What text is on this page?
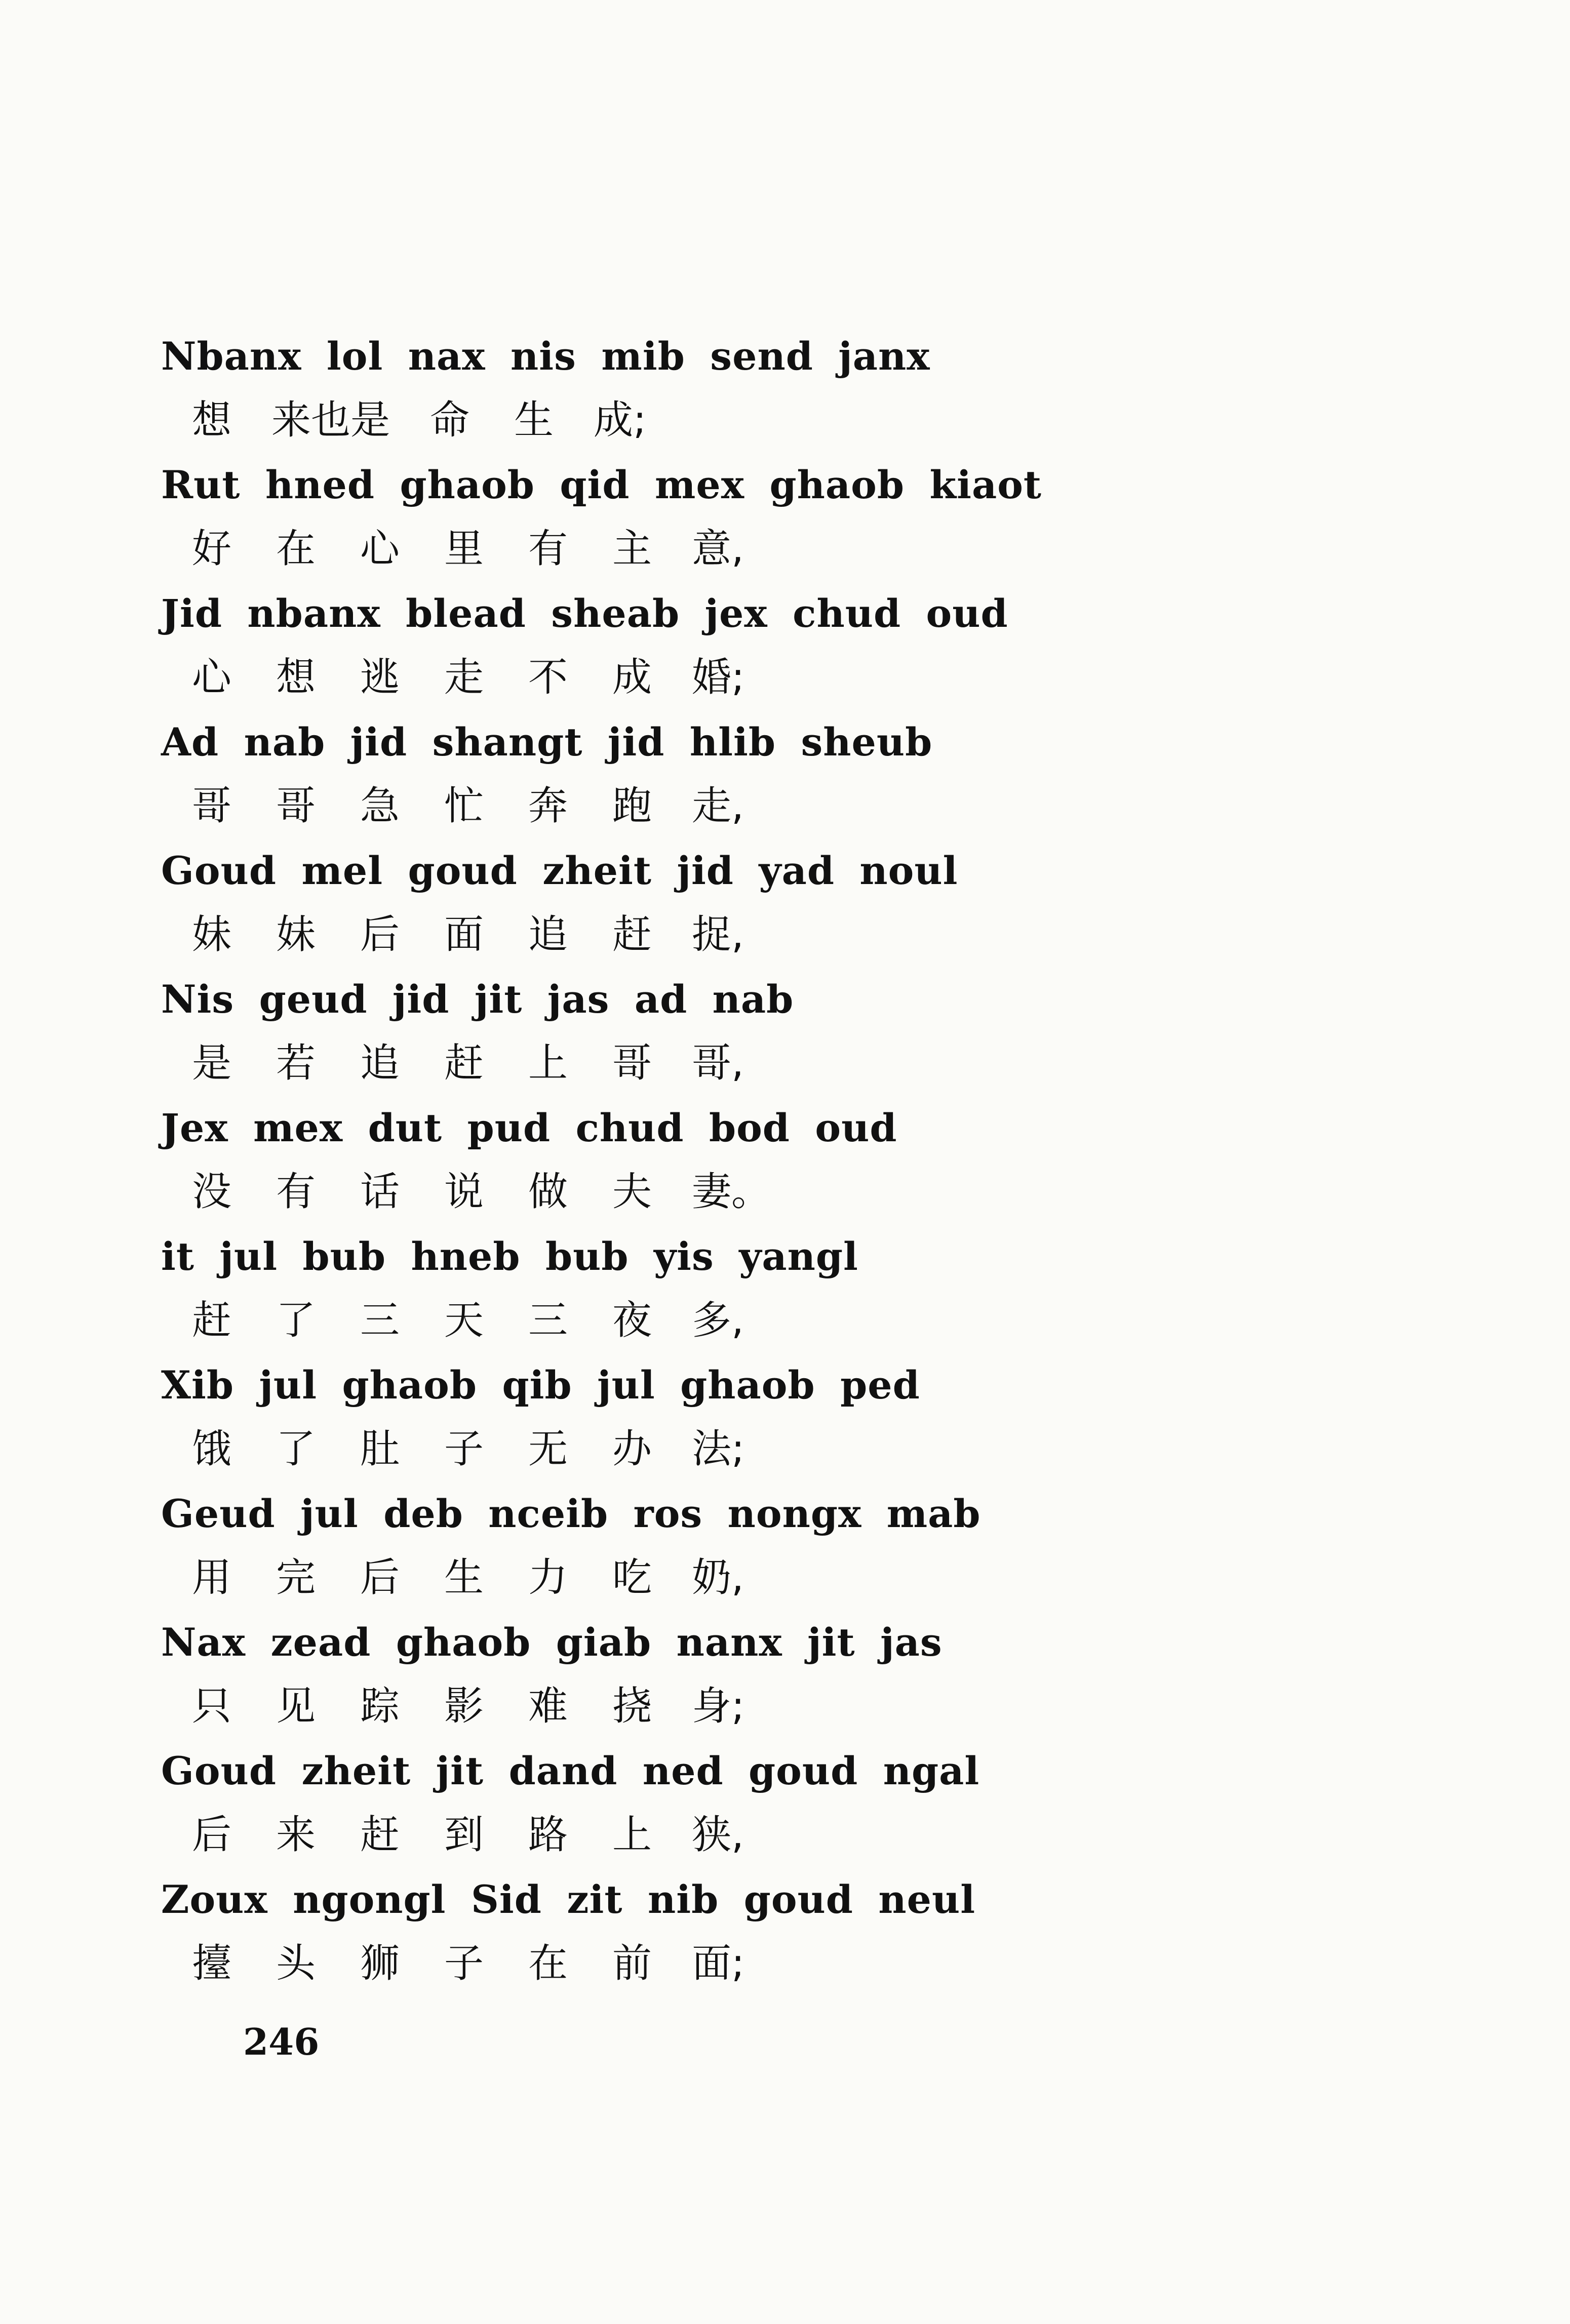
Nbanx lol nax nis mib send janx
想 来也是 命 生 成;
Rut hned ghaob qid mex ghaob kiaot
好 在 心 里 有 主 意,
Jid nbanx blead sheab jex chud oud
心 想 逃 走 不 成 婚;
Ad nab jid shangt jid hlib sheub
哥 哥 急 忙 奔 跑 走,
Goud mel goud zheit jid yad noul
妹 妹 后 面 追 赶 捉,
Nis geud jid jit jas ad nab
是 若 追 赶 上 哥 哥,
Jex mex dut pud chud bod oud
没 有 话 说 做 夫 妻。
it jul bub hneb bub yis yangl
赶 了 三 天 三 夜 多,
Xib jul ghaob qib jul ghaob ped
饿 了 肚 子 无 办 法;
Geud jul deb nceib ros nongx mab
用 完 后 生 力 吃 奶,
Nax zead ghaob giab nanx jit jas
只 见 踪 影 难 挠 身;
Goud zheit jit dand ned goud ngal
后 来 赶 到 路 上 狭,
Zoux ngongl Sid zit nib goud neul
擡 头 狮 子 在 前 面;
246
